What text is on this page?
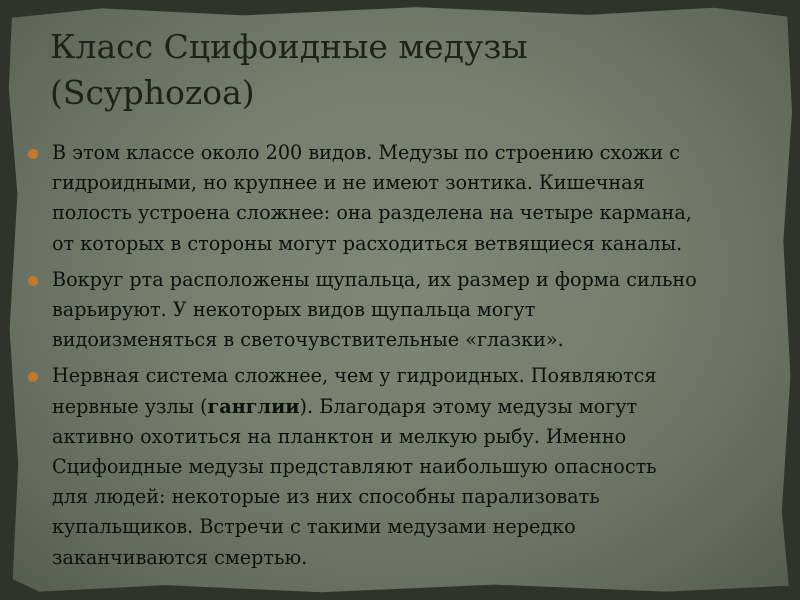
Класс Сцифоидные медузы
(Scyphozoa)
В этом классе около 200 видов. Медузы по строению схожи с
гидроидными, но крупнее и не имеют зонтика. Кишечная
полость устроена сложнее: она разделена на четыре кармана,
от которых в стороны могут расходиться ветвящиеся каналы.
Вокруг рта расположены щупальца, их размер и форма сильно
варьируют. У некоторых видов щупальца могут
видоизменяться в светочувствительные «глазки».
Нервная система сложнее, чем у гидроидных. Появляются
нервные узлы (ганглии). Благодаря этому медузы могут
активно охотиться на планктон и мелкую рыбу. Именно
Сцифоидные медузы представляют наибольшую опасность
для людей: некоторые из них способны парализовать
купальщиков. Встречи с такими медузами нередко
заканчиваются смертью.
